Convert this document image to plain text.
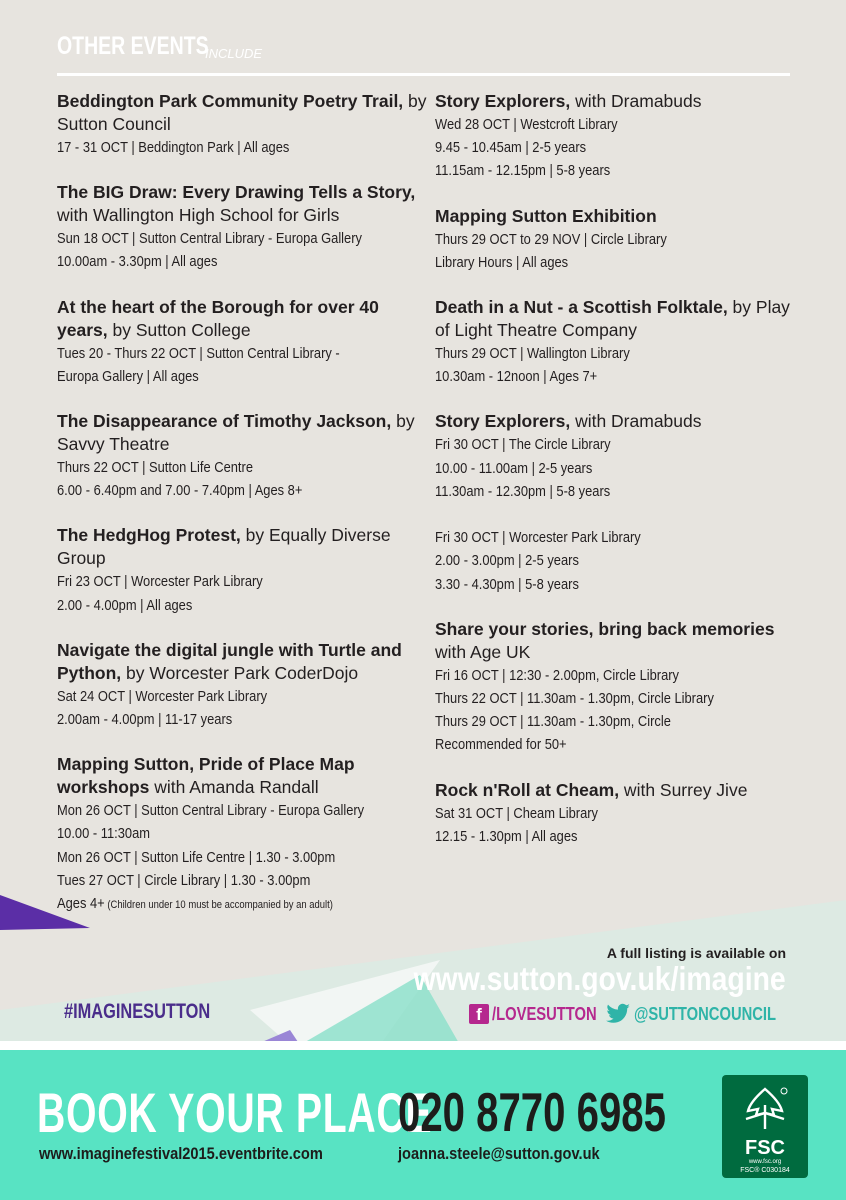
OTHER EVENTS
INCLUDE
Beddington Park Community Poetry Trail, by Sutton Council
17 - 31 OCT | Beddington Park | All ages
The BIG Draw: Every Drawing Tells a Story, with Wallington High School for Girls
Sun 18 OCT | Sutton Central Library - Europa Gallery
10.00am - 3.30pm | All ages
At the heart of the Borough for over 40 years, by Sutton College
Tues 20 - Thurs 22 OCT | Sutton Central Library -
Europa Gallery | All ages
The Disappearance of Timothy Jackson, by Savvy Theatre
Thurs 22 OCT | Sutton Life Centre
6.00 - 6.40pm and 7.00 - 7.40pm | Ages 8+
The HedgHog Protest, by Equally Diverse Group
Fri 23 OCT | Worcester Park Library
2.00 - 4.00pm | All ages
Navigate the digital jungle with Turtle and Python, by Worcester Park CoderDojo
Sat 24 OCT | Worcester Park Library
2.00am - 4.00pm | 11-17 years
Mapping Sutton, Pride of Place Map workshops with Amanda Randall
Mon 26 OCT | Sutton Central Library - Europa Gallery
10.00 - 11:30am
Mon 26 OCT | Sutton Life Centre | 1.30 - 3.00pm
Tues 27 OCT | Circle Library | 1.30 - 3.00pm
Ages 4+ (Children under 10 must be accompanied by an adult)
Story Explorers, with Dramabuds
Wed 28 OCT | Westcroft Library
9.45 - 10.45am | 2-5 years
11.15am - 12.15pm | 5-8 years
Mapping Sutton Exhibition
Thurs 29 OCT to 29 NOV | Circle Library
Library Hours | All ages
Death in a Nut - a Scottish Folktale, by Play of Light Theatre Company
Thurs 29 OCT | Wallington Library
10.30am - 12noon | Ages 7+
Story Explorers, with Dramabuds
Fri 30 OCT | The Circle Library
10.00 - 11.00am | 2-5 years
11.30am - 12.30pm | 5-8 years
Fri 30 OCT | Worcester Park Library
2.00 - 3.00pm | 2-5 years
3.30 - 4.30pm | 5-8 years
Share your stories, bring back memories with Age UK
Fri 16 OCT | 12:30 - 2.00pm, Circle Library
Thurs 22 OCT | 11.30am - 1.30pm, Circle Library
Thurs 29 OCT | 11.30am - 1.30pm, Circle
Recommended for 50+
Rock n'Roll at Cheam, with Surrey Jive
Sat 31 OCT | Cheam Library
12.15 - 1.30pm | All ages
A full listing is available on
www.sutton.gov.uk/imagine
#IMAGINESUTTON	f /LOVESUTTON @SUTTONCOUNCIL
BOOK YOUR PLACE
020 8770 6985
www.imaginefestival2015.eventbrite.com	joanna.steele@sutton.gov.uk	FSC
www.fsc.org
FSC® C030184
